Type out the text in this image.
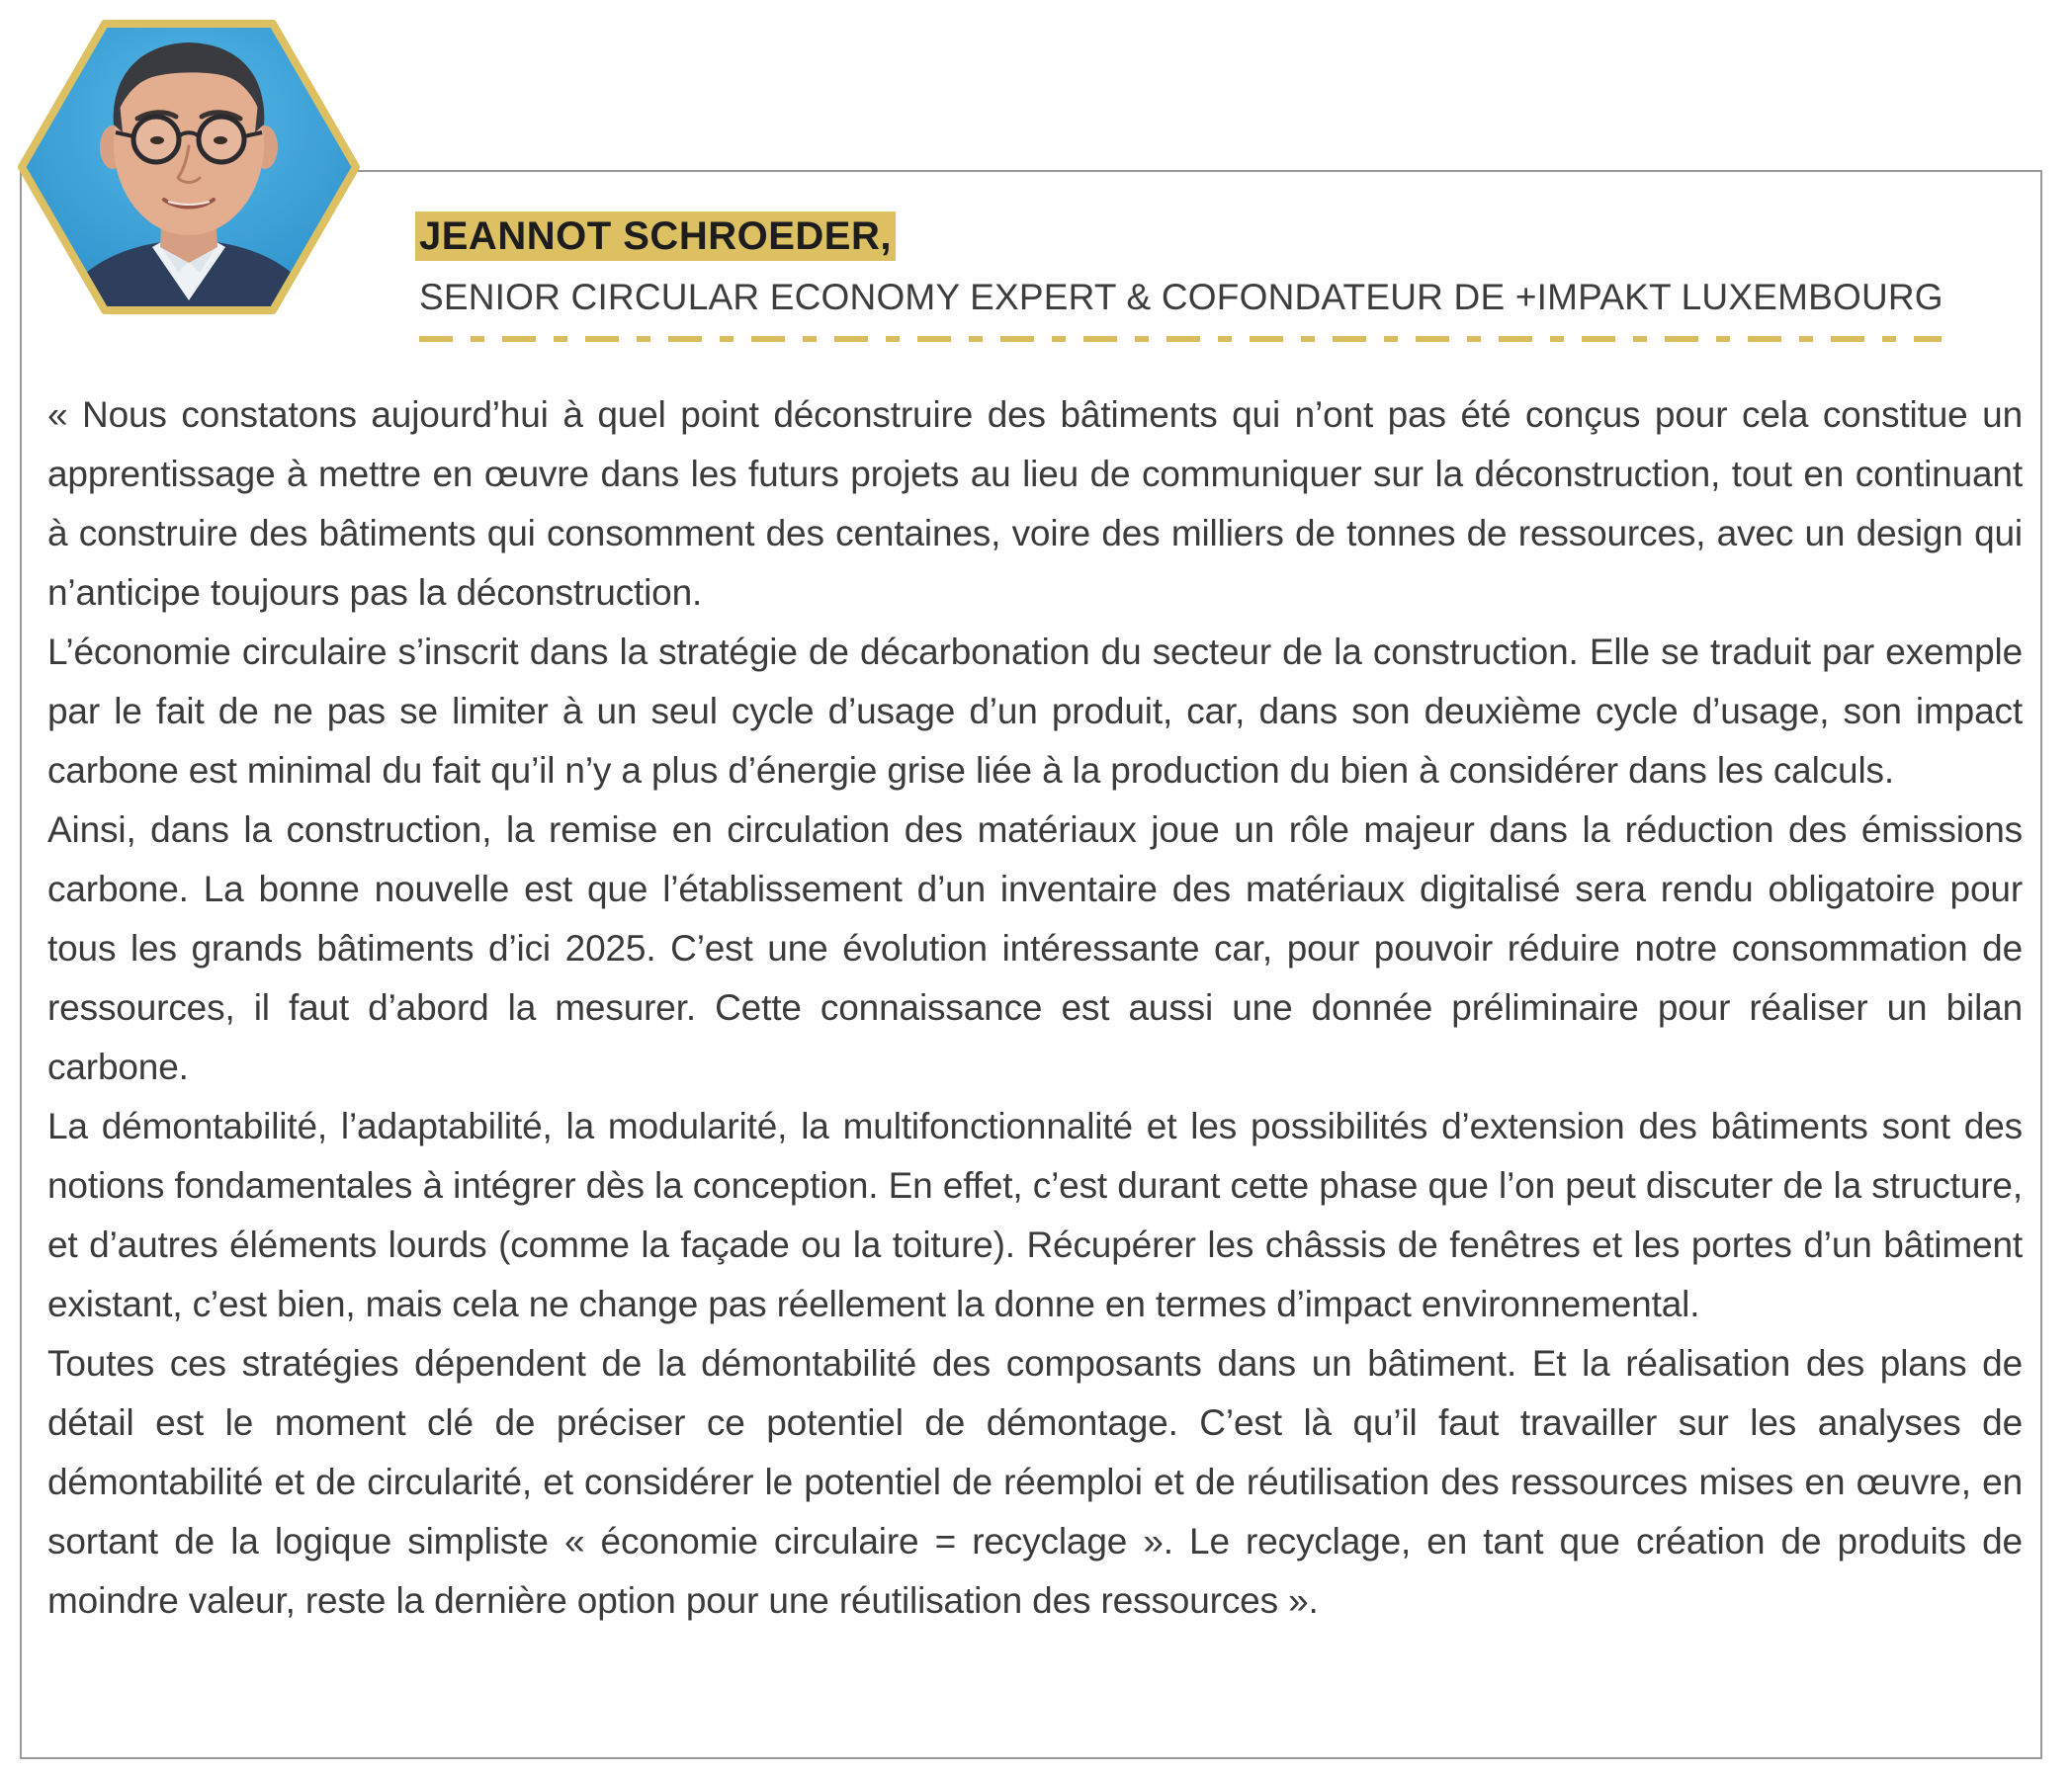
JEANNOT SCHROEDER,
SENIOR CIRCULAR ECONOMY EXPERT & COFONDATEUR DE +IMPAKT LUXEMBOURG

« Nous constatons aujourd’hui à quel point déconstruire des bâtiments qui n’ont pas été conçus pour cela constitue un apprentissage à mettre en œuvre dans les futurs projets au lieu de communiquer sur la déconstruction, tout en continuant à construire des bâtiments qui consomment des centaines, voire des milliers de tonnes de ressources, avec un design qui n’anticipe toujours pas la déconstruction.

L’économie circulaire s’inscrit dans la stratégie de décarbonation du secteur de la construction. Elle se traduit par exemple par le fait de ne pas se limiter à un seul cycle d’usage d’un produit, car, dans son deuxième cycle d’usage, son impact carbone est minimal du fait qu’il n’y a plus d’énergie grise liée à la production du bien à considérer dans les calculs.

Ainsi, dans la construction, la remise en circulation des matériaux joue un rôle majeur dans la réduction des émissions carbone. La bonne nouvelle est que l’établissement d’un inventaire des matériaux digitalisé sera rendu obligatoire pour tous les grands bâtiments d’ici 2025. C’est une évolution intéressante car, pour pouvoir réduire notre consommation de ressources, il faut d’abord la mesurer. Cette connaissance est aussi une donnée préliminaire pour réaliser un bilan carbone.

La démontabilité, l’adaptabilité, la modularité, la multifonctionnalité et les possibilités d’extension des bâtiments sont des notions fondamentales à intégrer dès la conception. En effet, c’est durant cette phase que l’on peut discuter de la structure, et d’autres éléments lourds (comme la façade ou la toiture). Récupérer les châssis de fenêtres et les portes d’un bâtiment existant, c’est bien, mais cela ne change pas réellement la donne en termes d’impact environnemental.

Toutes ces stratégies dépendent de la démontabilité des composants dans un bâtiment. Et la réalisation des plans de détail est le moment clé de préciser ce potentiel de démontage. C’est là qu’il faut travailler sur les analyses de démontabilité et de circularité, et considérer le potentiel de réemploi et de réutilisation des ressources mises en œuvre, en sortant de la logique simpliste « économie circulaire = recyclage ». Le recyclage, en tant que création de produits de moindre valeur, reste la dernière option pour une réutilisation des ressources ».
